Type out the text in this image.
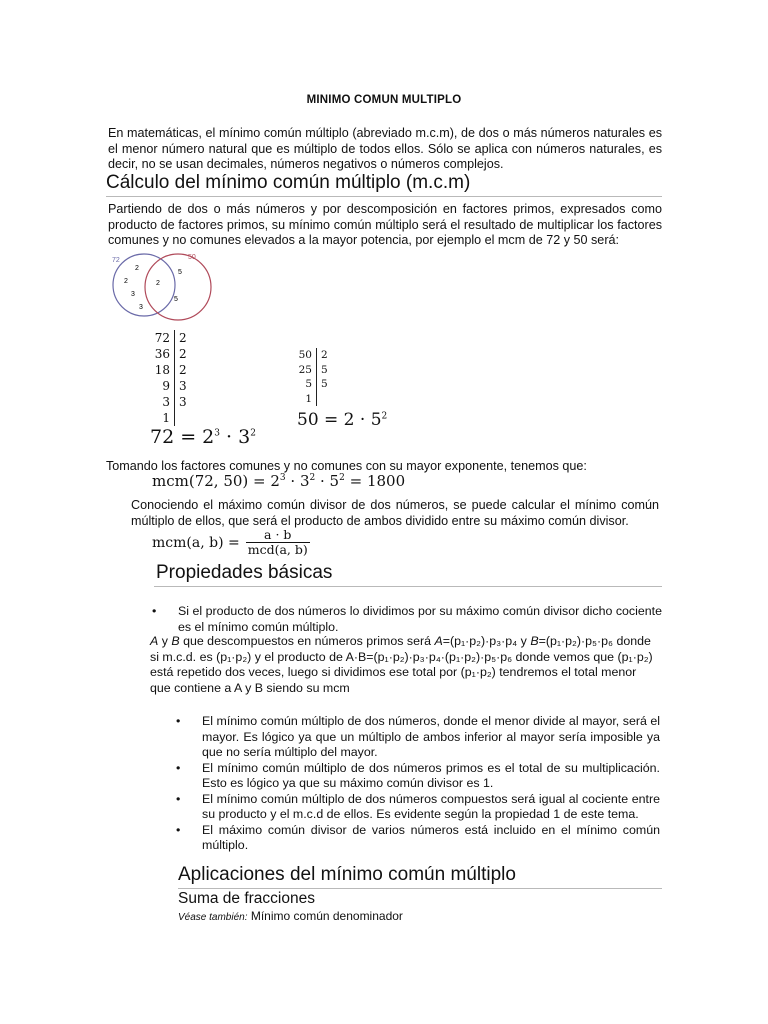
MINIMO COMUN MULTIPLO
En matemáticas, el mínimo común múltiplo (abreviado m.c.m), de dos o más números naturales es el menor número natural que es múltiplo de todos ellos. Sólo se aplica con números naturales, es decir, no se usan decimales, números negativos o números complejos.
Cálculo del mínimo común múltiplo (m.c.m)
Partiendo de dos o más números y por descomposición en factores primos, expresados como producto de factores primos, su mínimo común múltiplo será el resultado de multiplicar los factores comunes y no comunes elevados a la mayor potencia, por ejemplo el mcm de 72 y 50 será:
72	50
2
2
3
3
2
5
5
72
36
18
9
3
1
2
2
2
3
3
$72 = 2^3 \cdot 3^2$
50
25
5
1
2
5
5
$50 = 2 \cdot 5^2$
Tomando los factores comunes y no comunes con su mayor exponente, tenemos que:
mcm(72, $50) = 2^3 \cdot 3^2 \cdot 5^2 = 1800$
Conociendo el máximo común divisor de dos números, se puede calcular el mínimo común múltiplo de ellos, que será el producto de ambos dividido entre su máximo común divisor.
mcm(a, b) = a · b
mcd(a, b)
Propiedades básicas
• Si el producto de dos números lo dividimos por su máximo común divisor dicho cociente es el mínimo común múltiplo.
A y B que descompuestos en números primos será A=(p₁·p₂)·p₃·p₄ y B=(p₁·p₂)·p₅·p₆ donde
si m.c.d. es (p₁·p₂) y el producto de A·B=(p₁·p₂)·p₃·p₄·(p₁·p₂)·p₅·p₆ donde vemos que (p₁·p₂)
está repetido dos veces, luego si dividimos ese total por (p₁·p₂) tendremos el total menor
que contiene a A y B siendo su mcm
• El mínimo común múltiplo de dos números, donde el menor divide al mayor, será el mayor. Es lógico ya que un múltiplo de ambos inferior al mayor sería imposible ya que no sería múltiplo del mayor.
• El mínimo común múltiplo de dos números primos es el total de su multiplicación. Esto es lógico ya que su máximo común divisor es 1.
• El mínimo común múltiplo de dos números compuestos será igual al cociente entre su producto y el m.c.d de ellos. Es evidente según la propiedad 1 de este tema.
• El máximo común divisor de varios números está incluido en el mínimo común múltiplo.
Aplicaciones del mínimo común múltiplo
Suma de fracciones
Véase también: Mínimo común denominador
